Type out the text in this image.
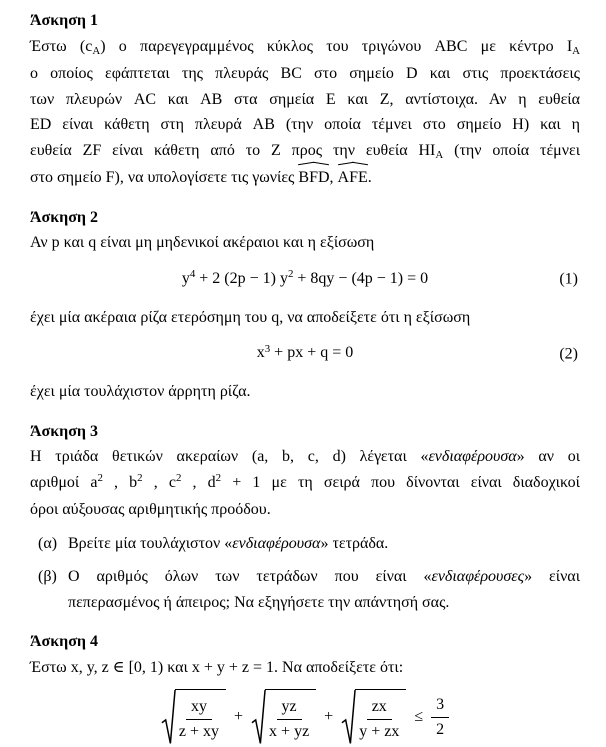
Άσκηση 1
Έστω (cA) ο παρεγεγραμμένος κύκλος του τριγώνου ABC με κέντρο IA
ο οποίος εφάπτεται της πλευράς BC στο σημείο D και στις προεκτάσεις
των πλευρών AC και AB στα σημεία E και Z, αντίστοιχα. Αν η ευθεία
ED είναι κάθετη στη πλευρά AB (την οποία τέμνει στο σημείο H) και η
ευθεία ZF είναι κάθετη από το Z προς την ευθεία HIA (την οποία τέμνει
στο σημείο F), να υπολογίσετε τις γωνίες BFD, AFE.
Άσκηση 2
Αν p και q είναι μη μηδενικοί ακέραιοι και η εξίσωση
$y^4 + 2$ (2p − 1) $y^2 + 8qy - (4p - 1) = 0$	(1)
έχει μία ακέραια ρίζα ετερόσημη του q, να αποδείξετε ότι η εξίσωση
$x^3$ + px + q = 0	(2)
έχει μία τουλάχιστον άρρητη ρίζα.
Άσκηση 3
Η τριάδα θετικών ακεραίων (a, b, c, d) λέγεται «ενδιαφέρουσα» αν οι
αριθμοί $a^2$ , $b^2$ , $c^2$ , $d^2 + 1$ με τη σειρά που δίνονται είναι διαδοχικοί
όροι αύξουσας αριθμητικής προόδου.
(α) Βρείτε μία τουλάχιστον «ενδιαφέρουσα» τετράδα.
(β) Ο αριθμός όλων των τετράδων που είναι «ενδιαφέρουσες» είναι
πεπερασμένος ή άπειρος; Να εξηγήσετε την απάντησή σας.
Άσκηση 4
Έστω x, y, z ∈ [0, 1) και x + y + z = 1. Να αποδείξετε ότι:
$\frac{xy}{z + xy} + \frac{yz}{x + yz} + \frac{zx}{y + zx} \le \frac{3}{2}$
